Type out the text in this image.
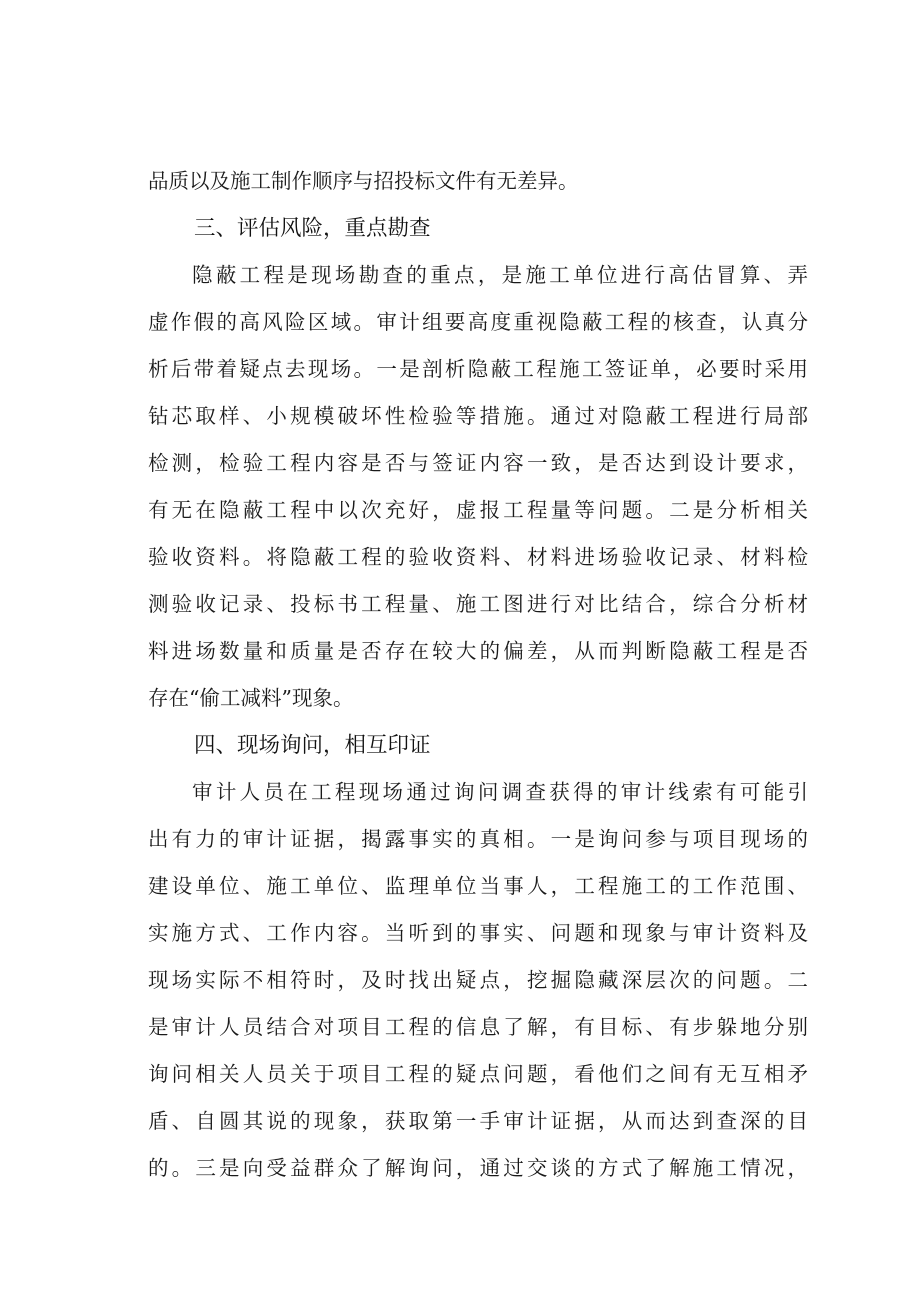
品质以及施工制作顺序与招投标文件有无差异。
三、评估风险，重点勘查
隐蔽工程是现场勘查的重点，是施工单位进行高估冒算、弄
虚作假的高风险区域。审计组要高度重视隐蔽工程的核查，认真分
析后带着疑点去现场。一是剖析隐蔽工程施工签证单，必要时采用
钻芯取样、小规模破坏性检验等措施。通过对隐蔽工程进行局部
检测，检验工程内容是否与签证内容一致，是否达到设计要求，
有无在隐蔽工程中以次充好，虚报工程量等问题。二是分析相关
验收资料。将隐蔽工程的验收资料、材料进场验收记录、材料检
测验收记录、投标书工程量、施工图进行对比结合，综合分析材
料进场数量和质量是否存在较大的偏差，从而判断隐蔽工程是否
存在“偷工减料”现象。
四、现场询问，相互印证
审计人员在工程现场通过询问调查获得的审计线索有可能引
出有力的审计证据，揭露事实的真相。一是询问参与项目现场的
建设单位、施工单位、监理单位当事人，工程施工的工作范围、
实施方式、工作内容。当听到的事实、问题和现象与审计资料及
现场实际不相符时，及时找出疑点，挖掘隐藏深层次的问题。二
是审计人员结合对项目工程的信息了解，有目标、有步躲地分别
询问相关人员关于项目工程的疑点问题，看他们之间有无互相矛
盾、自圆其说的现象，获取第一手审计证据，从而达到查深的目
的。三是向受益群众了解询问，通过交谈的方式了解施工情况，
